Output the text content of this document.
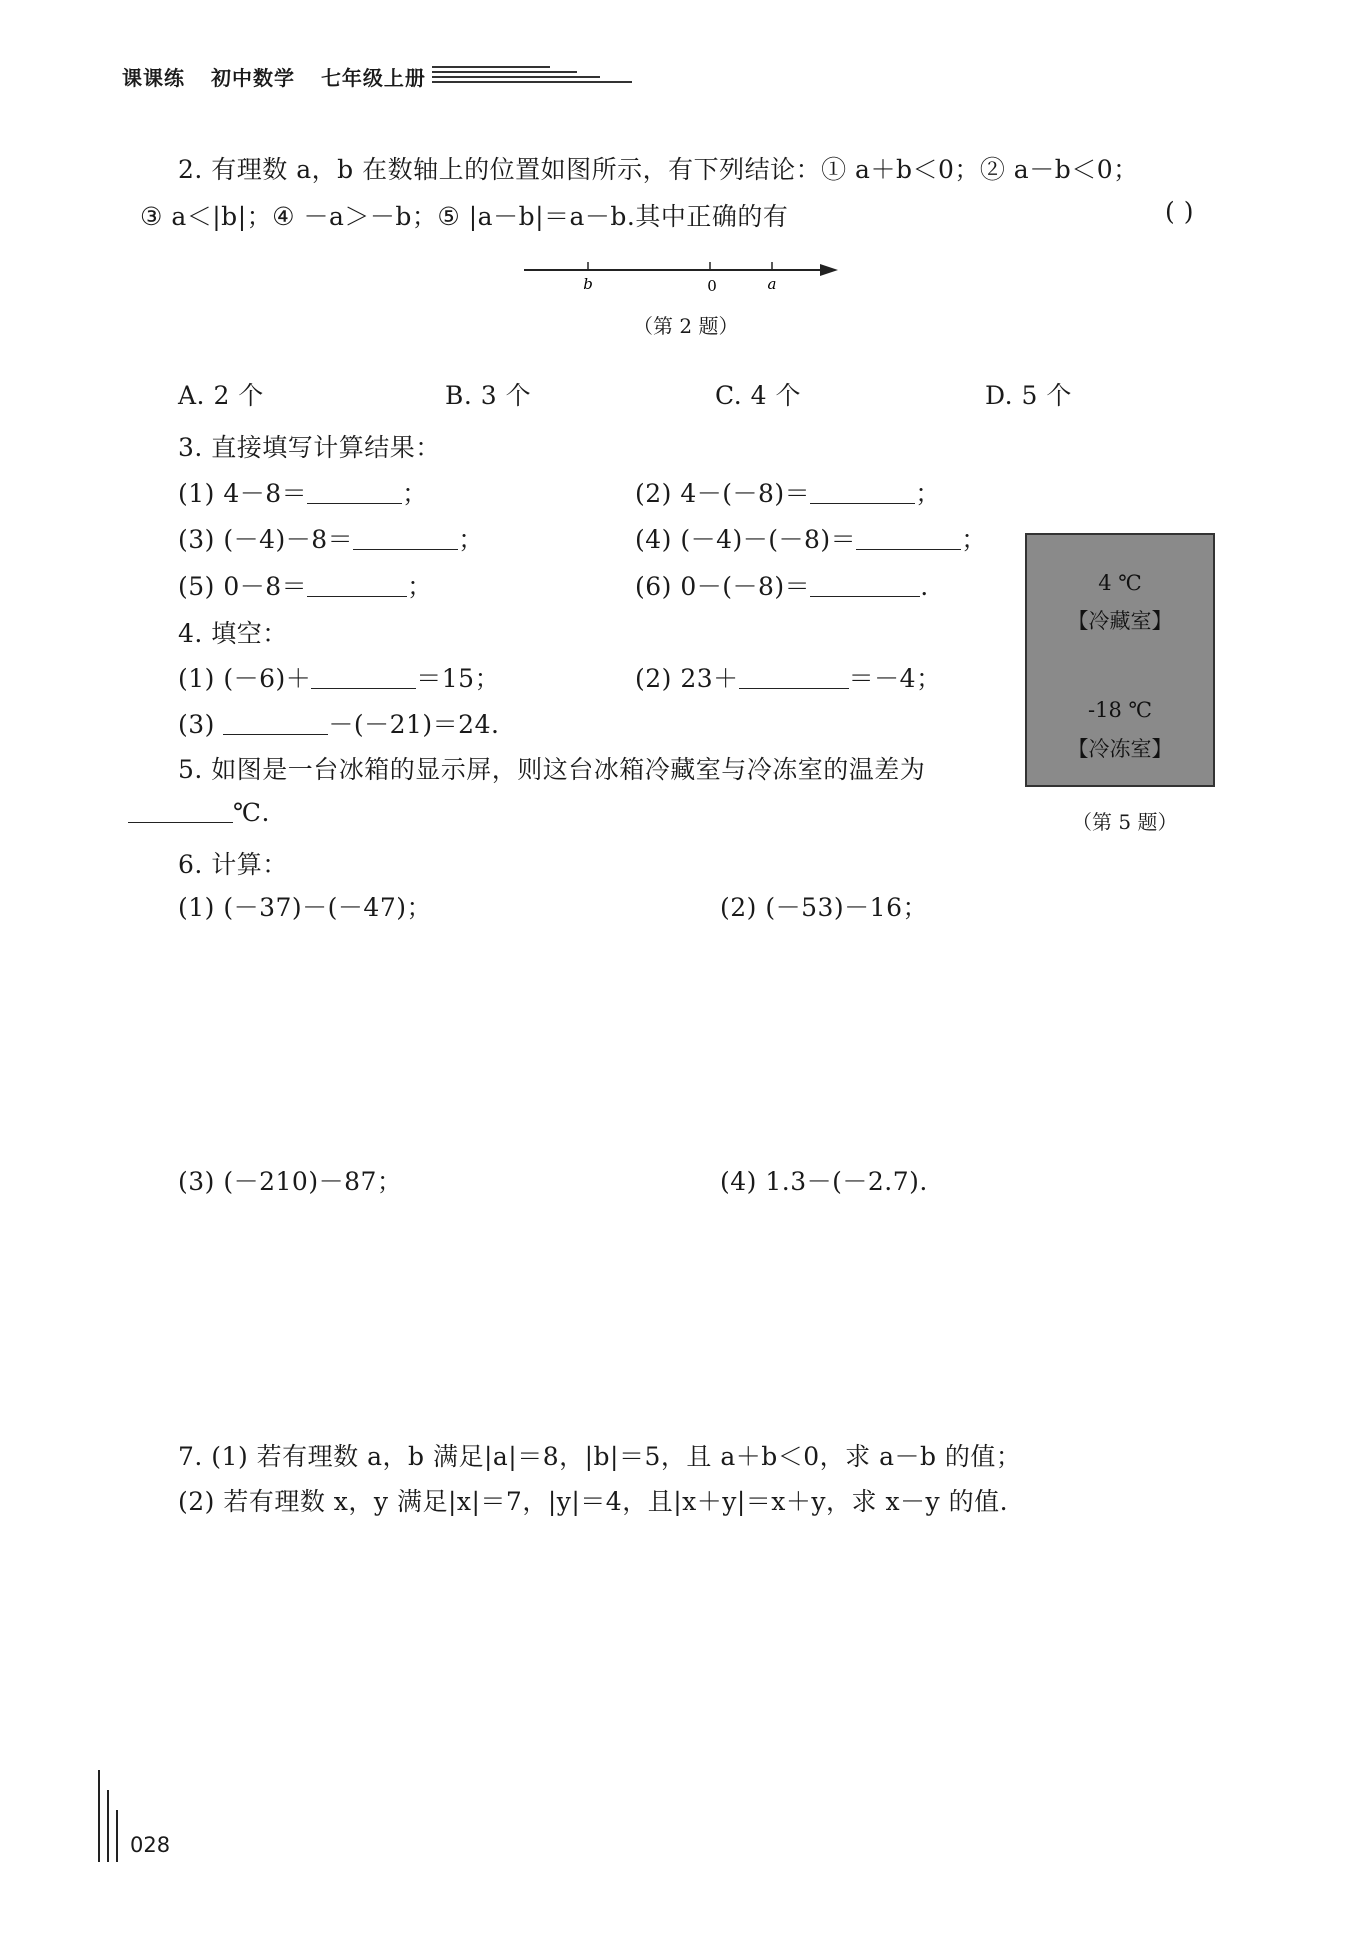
课课练 初中数学 七年级上册
2. 有理数 a，b 在数轴上的位置如图所示，有下列结论：① a＋b＜0；② a－b＜0；
③ a＜|b|；④ －a＞－b；⑤ |a－b|＝a－b.其中正确的有	( )
b	0	a
（第 2 题）
A. 2 个	B. 3 个	C. 4 个	D. 5 个
3. 直接填写计算结果：
(1) 4－8＝	；	(2) 4－(－8)＝	；
(3) (－4)－8＝	；	(4) (－4)－(－8)＝	；
(5) 0－8＝	；	(6) 0－(－8)＝	.
4. 填空：
(1) (－6)＋	＝15；	(2) 23＋	＝－4；
(3)	－(－21)＝24.
5. 如图是一台冰箱的显示屏，则这台冰箱冷藏室与冷冻室的温差为
℃.
4 ℃
【冷藏室】
-18 ℃
【冷冻室】
（第 5 题）
6. 计算：
(1) (－37)－(－47)；	(2) (－53)－16；
(3) (－210)－87；	(4) 1.3－(－2.7).
7. (1) 若有理数 a，b 满足|a|＝8，|b|＝5，且 a＋b＜0，求 a－b 的值；
(2) 若有理数 x，y 满足|x|＝7，|y|＝4，且|x＋y|＝x＋y，求 x－y 的值.
028
